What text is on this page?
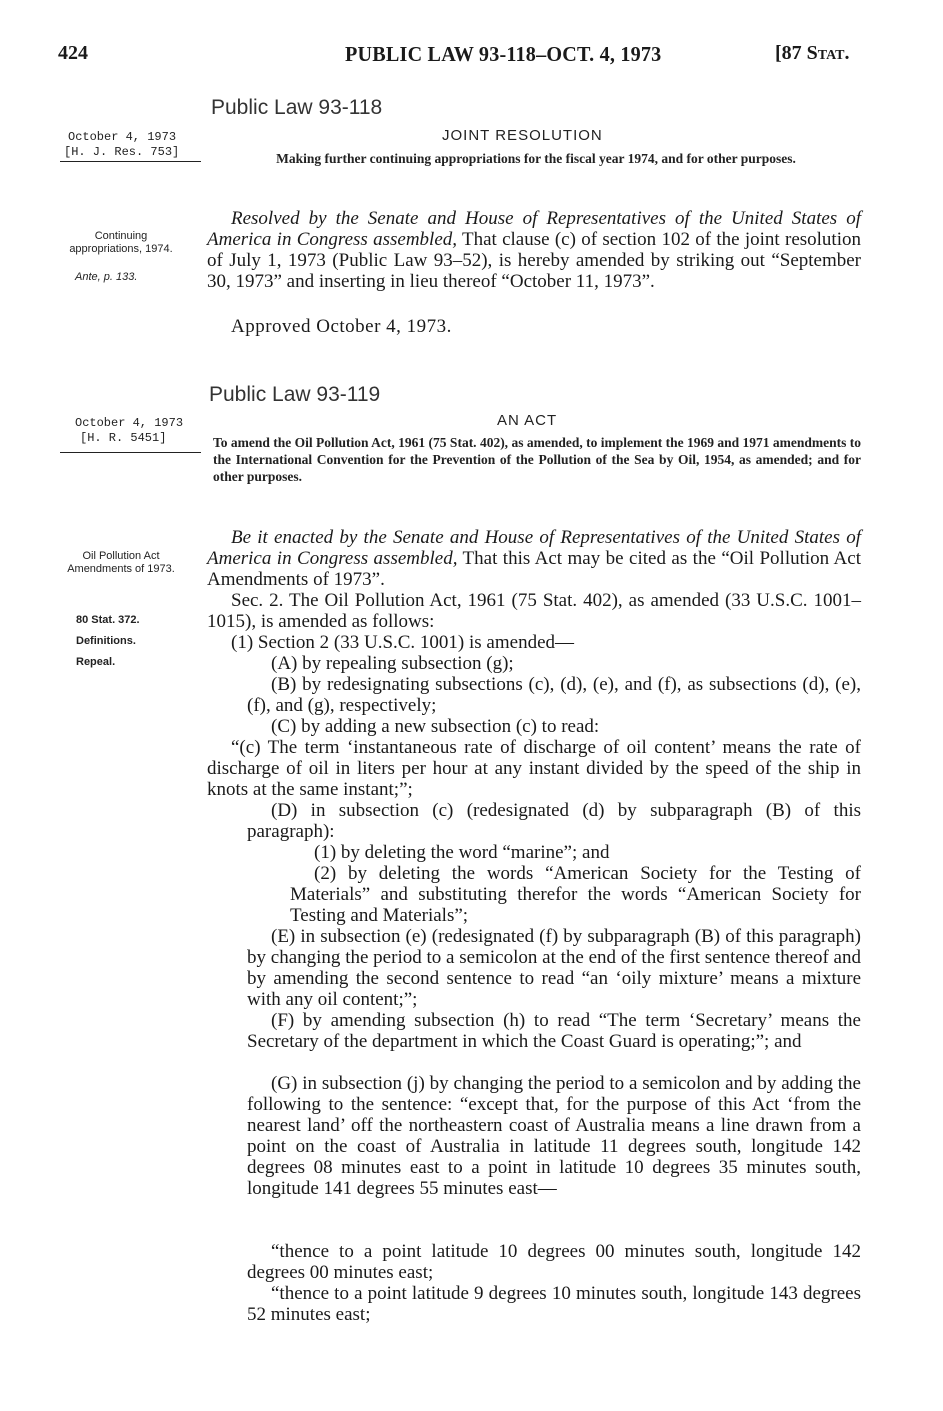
424	PUBLIC LAW 93-118–OCT. 4, 1973	[87 Stat.
Public Law 93-118
October 4, 1973
[H. J. Res. 753]
JOINT RESOLUTION
Making further continuing appropriations for the fiscal year 1974, and for other purposes.
Continuing appropriations, 1974.
Ante, p. 133.
Resolved by the Senate and House of Representatives of the United States of America in Congress assembled, That clause (c) of section 102 of the joint resolution of July 1, 1973 (Public Law 93–52), is hereby amended by striking out “September 30, 1973” and inserting in lieu thereof “October 11, 1973”.
Approved October 4, 1973.
Public Law 93-119
October 4, 1973
[H. R. 5451]
AN ACT
To amend the Oil Pollution Act, 1961 (75 Stat. 402), as amended, to implement the 1969 and 1971 amendments to the International Convention for the Prevention of the Pollution of the Sea by Oil, 1954, as amended; and for other purposes.
Oil Pollution Act Amendments of 1973.
80 Stat. 372.
Definitions.
Repeal.
Be it enacted by the Senate and House of Representatives of the United States of America in Congress assembled, That this Act may be cited as the “Oil Pollution Act Amendments of 1973”.
Sec. 2. The Oil Pollution Act, 1961 (75 Stat. 402), as amended (33 U.S.C. 1001–1015), is amended as follows:
(1) Section 2 (33 U.S.C. 1001) is amended—
(A) by repealing subsection (g);
(B) by redesignating subsections (c), (d), (e), and (f), as subsections (d), (e), (f), and (g), respectively;
(C) by adding a new subsection (c) to read:
“(c) The term ‘instantaneous rate of discharge of oil content’ means the rate of discharge of oil in liters per hour at any instant divided by the speed of the ship in knots at the same instant;”;
(D) in subsection (c) (redesignated (d) by subparagraph (B) of this paragraph):
(1) by deleting the word “marine”; and
(2) by deleting the words “American Society for the Testing of Materials” and substituting therefor the words “American Society for Testing and Materials”;
(E) in subsection (e) (redesignated (f) by subparagraph (B) of this paragraph) by changing the period to a semicolon at the end of the first sentence thereof and by amending the second sentence to read “an ‘oily mixture’ means a mixture with any oil content;”;
(F) by amending subsection (h) to read “The term ‘Secretary’ means the Secretary of the department in which the Coast Guard is operating;”; and
(G) in subsection (j) by changing the period to a semicolon and by adding the following to the sentence: “except that, for the purpose of this Act ‘from the nearest land’ off the northeastern coast of Australia means a line drawn from a point on the coast of Australia in latitude 11 degrees south, longitude 142 degrees 08 minutes east to a point in latitude 10 degrees 35 minutes south, longitude 141 degrees 55 minutes east—
“thence to a point latitude 10 degrees 00 minutes south, longitude 142 degrees 00 minutes east;
“thence to a point latitude 9 degrees 10 minutes south, longitude 143 degrees 52 minutes east;
